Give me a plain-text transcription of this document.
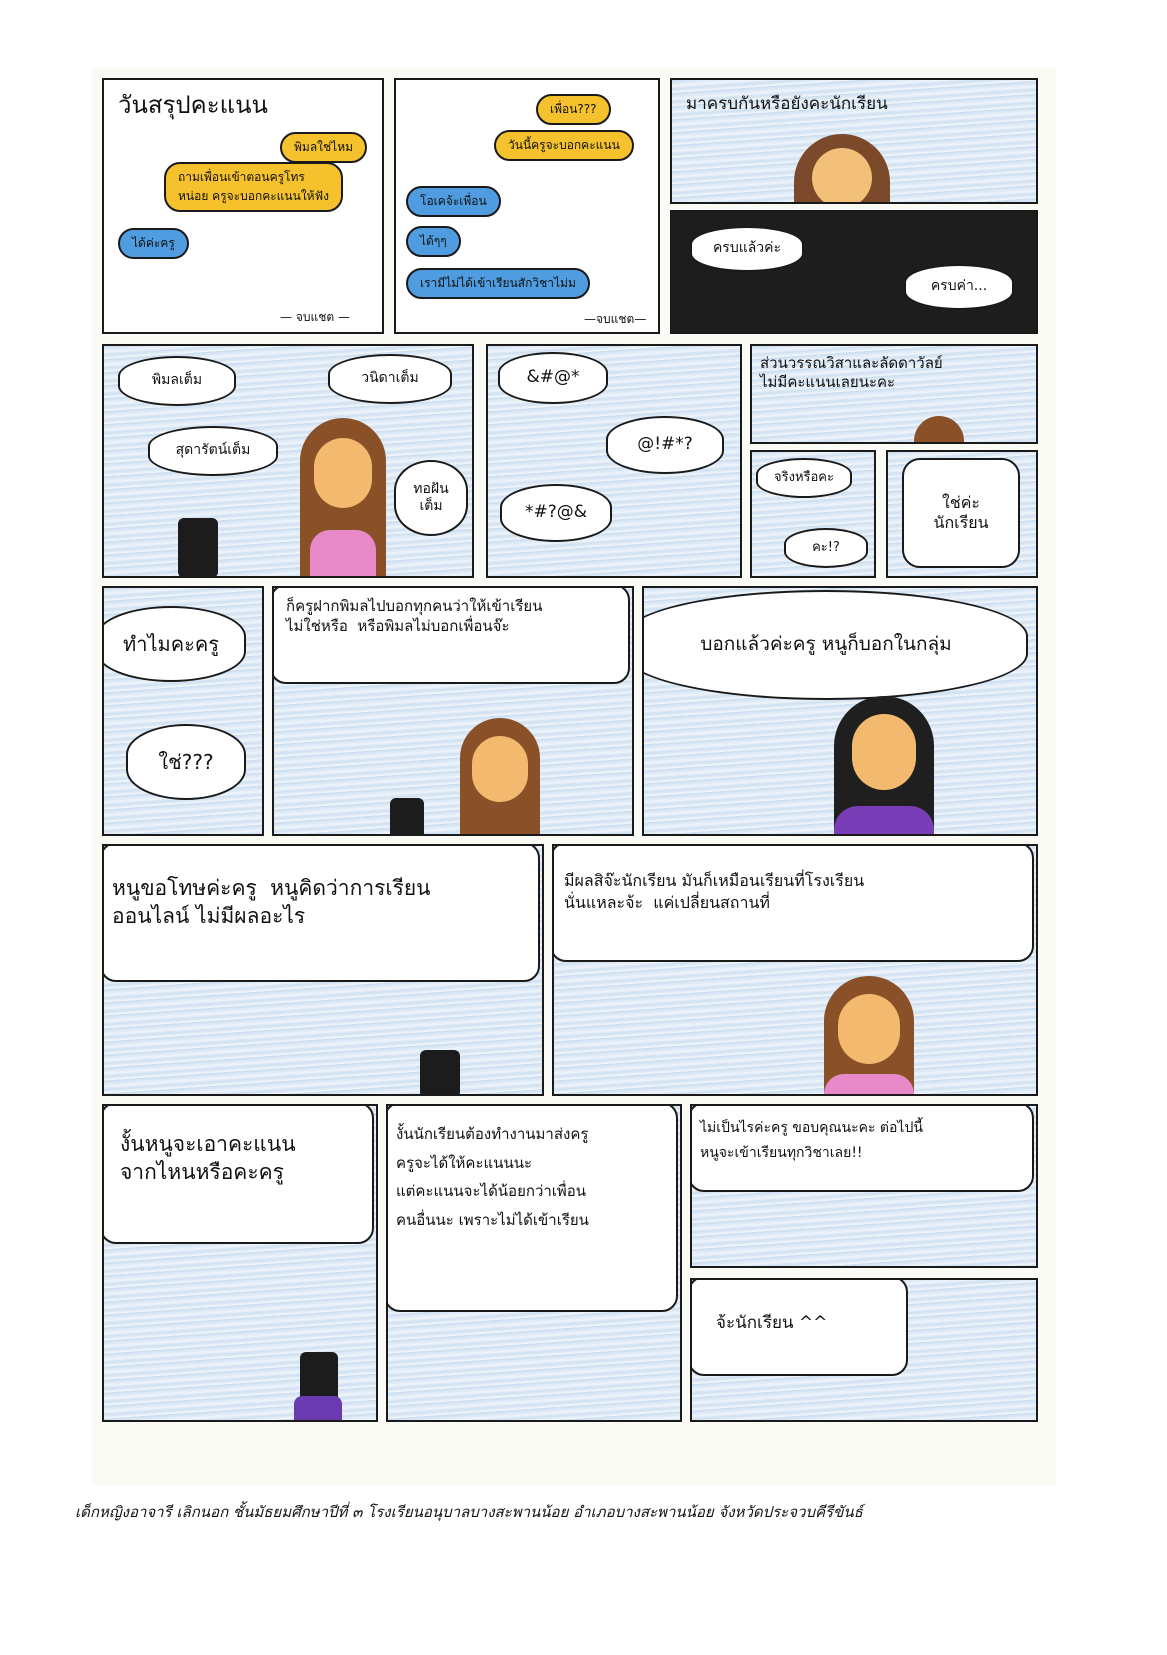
วันสรุปคะแนน
พิมลใช่ไหม
ถามเพื่อนเข้าตอนครูโทร
หน่อย ครูจะบอกคะแนนให้ฟัง
ได้ค่ะครู
— จบแชต —
เพื่อน???
วันนี้ครูจะบอกคะแนน
โอเคจ้ะเพื่อน
ได้ๆๆ
เรามีไม่ได้เข้าเรียนสักวิชาไม่ม
—จบแชต—
มาครบกันหรือยังคะนักเรียน
ครบแล้วค่ะ
ครบค่า...
พิมลเต็ม	วนิดาเต็ม
สุดารัตน์เต็ม
ทอฝัน
เต็ม
&#@*
@!#*?
*#?@&
ส่วนวรรณวิสาและลัดดาวัลย์
ไม่มีคะแนนเลยนะคะ
จริงหรือคะ
คะ!?
ใช่ค่ะ
นักเรียน
ทำไมคะครู
ใช่???
ก็ครูฝากพิมลไปบอกทุกคนว่าให้เข้าเรียน
ไม่ใช่หรือ  หรือพิมลไม่บอกเพื่อนจ๊ะ
บอกแล้วค่ะครู หนูก็บอกในกลุ่ม
หนูขอโทษค่ะครู  หนูคิดว่าการเรียน
ออนไลน์ ไม่มีผลอะไร
มีผลสิจ๊ะนักเรียน มันก็เหมือนเรียนที่โรงเรียน
นั่นแหละจ้ะ  แค่เปลี่ยนสถานที่
งั้นหนูจะเอาคะแนน
จากไหนหรือคะครู
งั้นนักเรียนต้องทำงานมาส่งครู
ครูจะได้ให้คะแนนนะ
แต่คะแนนจะได้น้อยกว่าเพื่อน
คนอื่นนะ เพราะไม่ได้เข้าเรียน
ไม่เป็นไรค่ะครู ขอบคุณนะคะ ต่อไปนี้
หนูจะเข้าเรียนทุกวิชาเลย!!
จ้ะนักเรียน ^^
เด็กหญิงอาจารี เลิกนอก ชั้นมัธยมศึกษาปีที่ ๓ โรงเรียนอนุบาลบางสะพานน้อย อำเภอบางสะพานน้อย จังหวัดประจวบคีรีขันธ์
